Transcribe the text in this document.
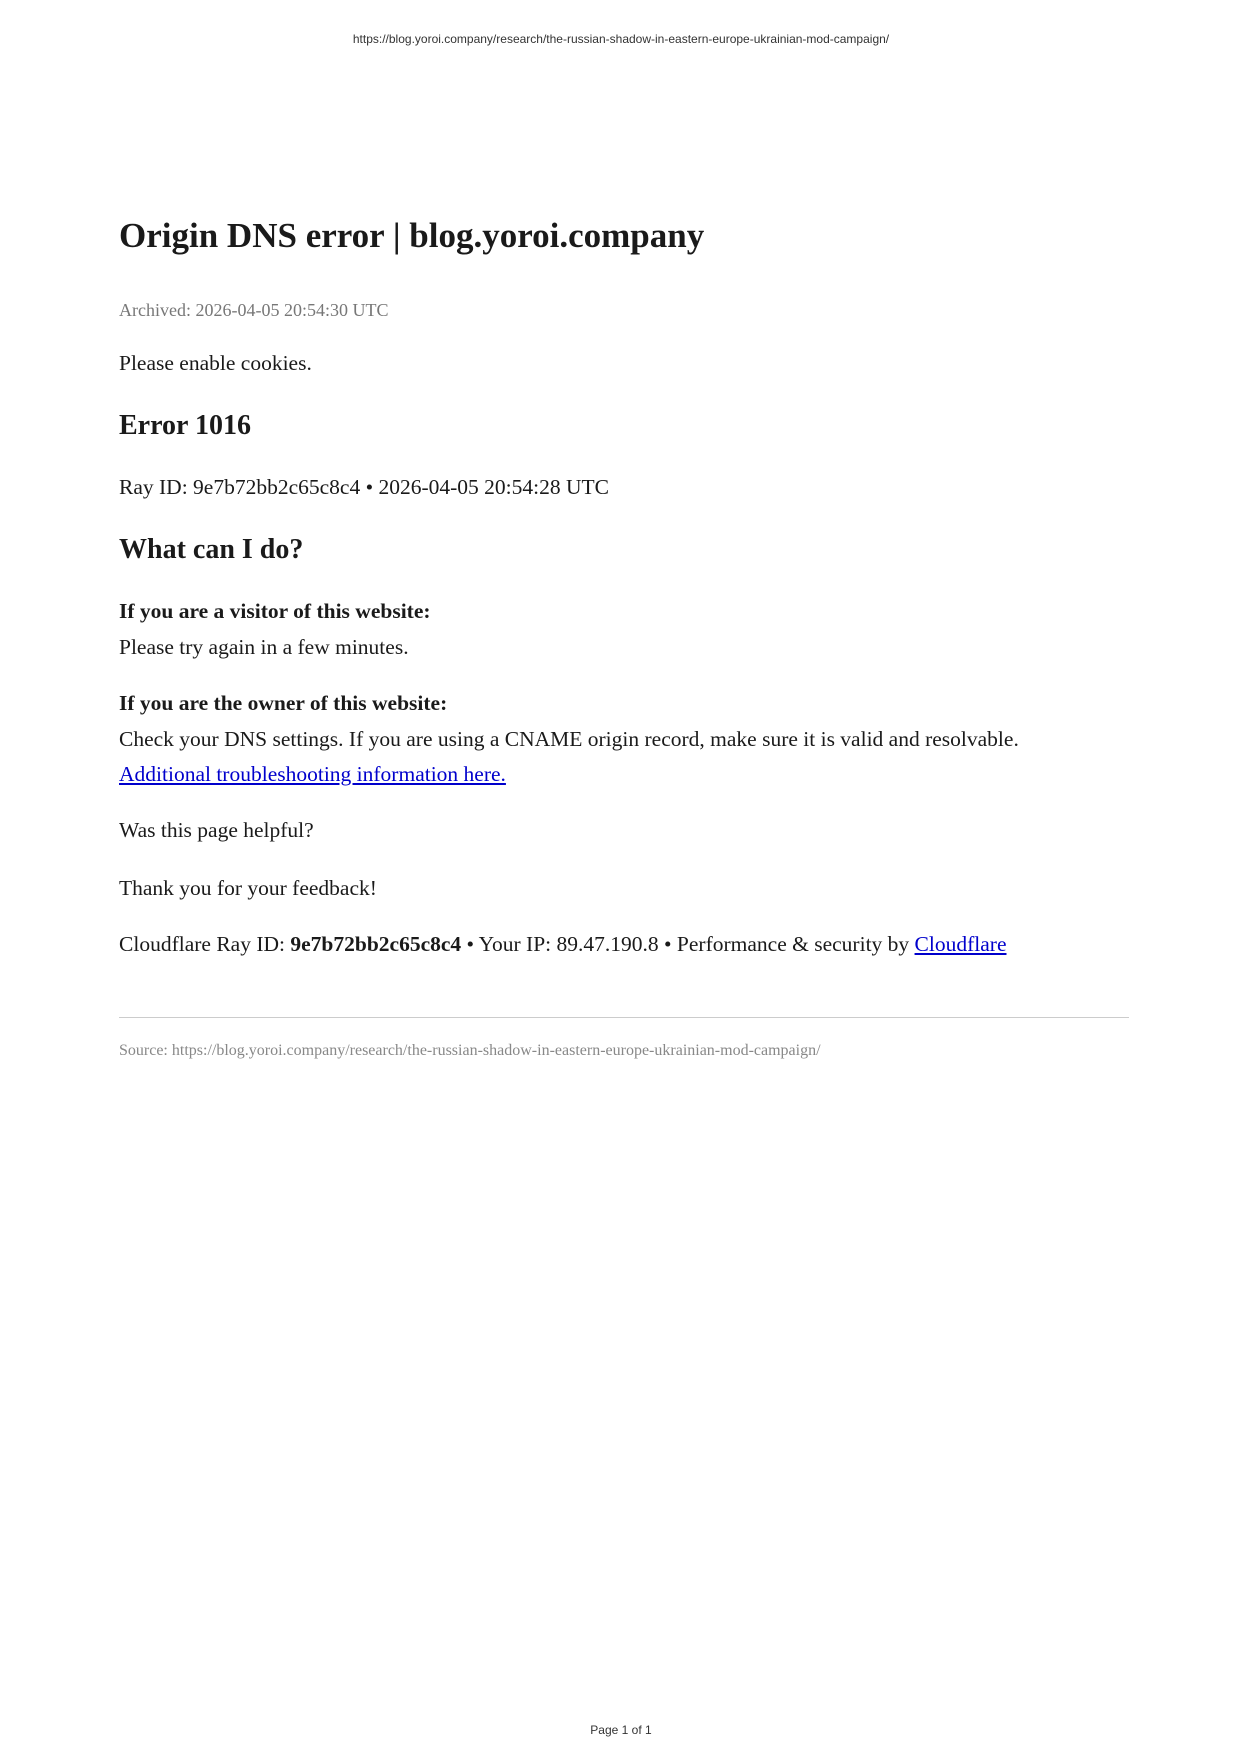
https://blog.yoroi.company/research/the-russian-shadow-in-eastern-europe-ukrainian-mod-campaign/
Origin DNS error | blog.yoroi.company
Archived: 2026-04-05 20:54:30 UTC

Please enable cookies.

Error 1016

Ray ID: 9e7b72bb2c65c8c4 • 2026-04-05 20:54:28 UTC

What can I do?
If you are a visitor of this website:

Please try again in a few minutes.

If you are the owner of this website:

Check your DNS settings. If you are using a CNAME origin record, make sure it is valid and resolvable.

Additional troubleshooting information here.

Was this page helpful?

Thank you for your feedback!

Cloudflare Ray ID: 9e7b72bb2c65c8c4 • Your IP: 89.47.190.8 • Performance & security by Cloudflare

Source: https://blog.yoroi.company/research/the-russian-shadow-in-eastern-europe-ukrainian-mod-campaign/
Page 1 of 1
